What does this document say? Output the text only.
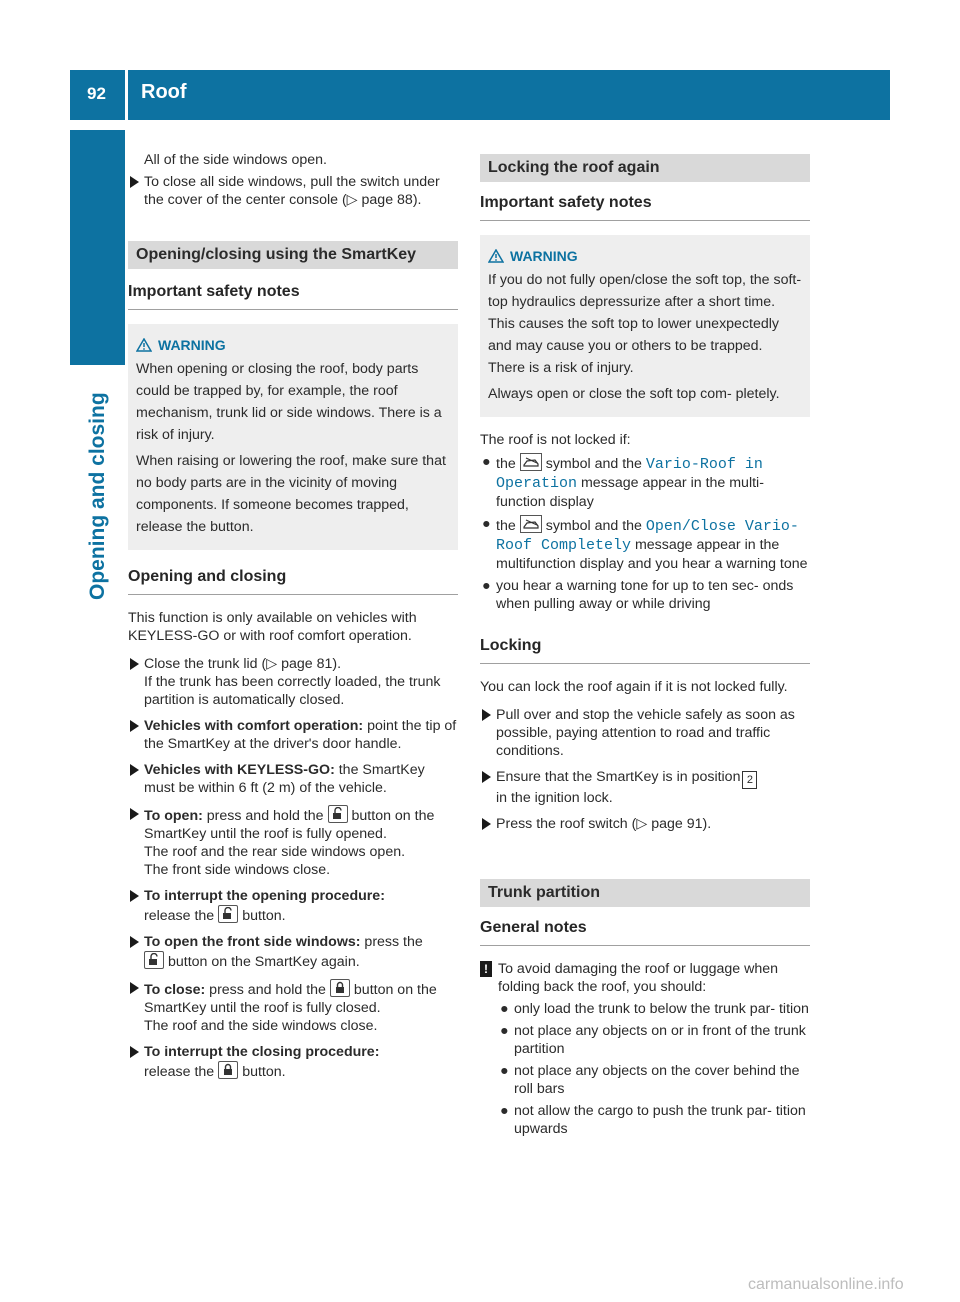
92 Roof
Opening and closing

All of the side windows open.

To close all side windows, pull the switch under the cover of the center console (▷ page 88).
Opening/closing using the SmartKey
Important safety notes
WARNING

When opening or closing the roof, body parts could be trapped by, for example, the roof mechanism, trunk lid or side windows. There is a risk of injury.

When raising or lowering the roof, make sure that no body parts are in the vicinity of moving components. If someone becomes trapped, release the button.

Opening and closing

This function is only available on vehicles with KEYLESS-GO or with roof comfort operation.

Close the trunk lid (▷ page 81).
If the trunk has been correctly loaded, the trunk partition is automatically closed.
Vehicles with comfort operation: point the tip of the SmartKey at the driver's door handle.
Vehicles with KEYLESS-GO: the SmartKey must be within 6 ft (2 m) of the vehicle.
To open: press and hold the button on the SmartKey until the roof is fully opened.
The roof and the rear side windows open.
The front side windows close.
To interrupt the opening procedure:
release the button.
To open the front side windows: press the

button on the SmartKey again.
To close: press and hold the button on the SmartKey until the roof is fully closed.
The roof and the side windows close.
To interrupt the closing procedure:
release the button.
Locking the roof again
Important safety notes
WARNING

If you do not fully open/close the soft top, the soft-top hydraulics depressurize after a short time. This causes the soft top to lower unexpectedly and may cause you or others to be trapped. There is a risk of injury.

Always open or close the soft top com- pletely.

The roof is not locked if:

● the symbol and the Vario-Roof in Operation message appear in the multi- function display
● the symbol and the Open/Close Vario-Roof Completely message appear in the multifunction display and you hear a warning tone
● you hear a warning tone for up to ten sec- onds when pulling away or while driving
Locking

You can lock the roof again if it is not locked fully.

Pull over and stop the vehicle safely as soon as possible, paying attention to road and traffic conditions.
Ensure that the SmartKey is in position 2
in the ignition lock.
Press the roof switch (▷ page 91).
Trunk partition
General notes
! To avoid damaging the roof or luggage when folding back the roof, you should:

● only load the trunk to below the trunk par- tition
● not place any objects on or in front of the trunk partition
● not place any objects on the cover behind the roll bars
● not allow the cargo to push the trunk par- tition upwards
carmanualsonline.info
